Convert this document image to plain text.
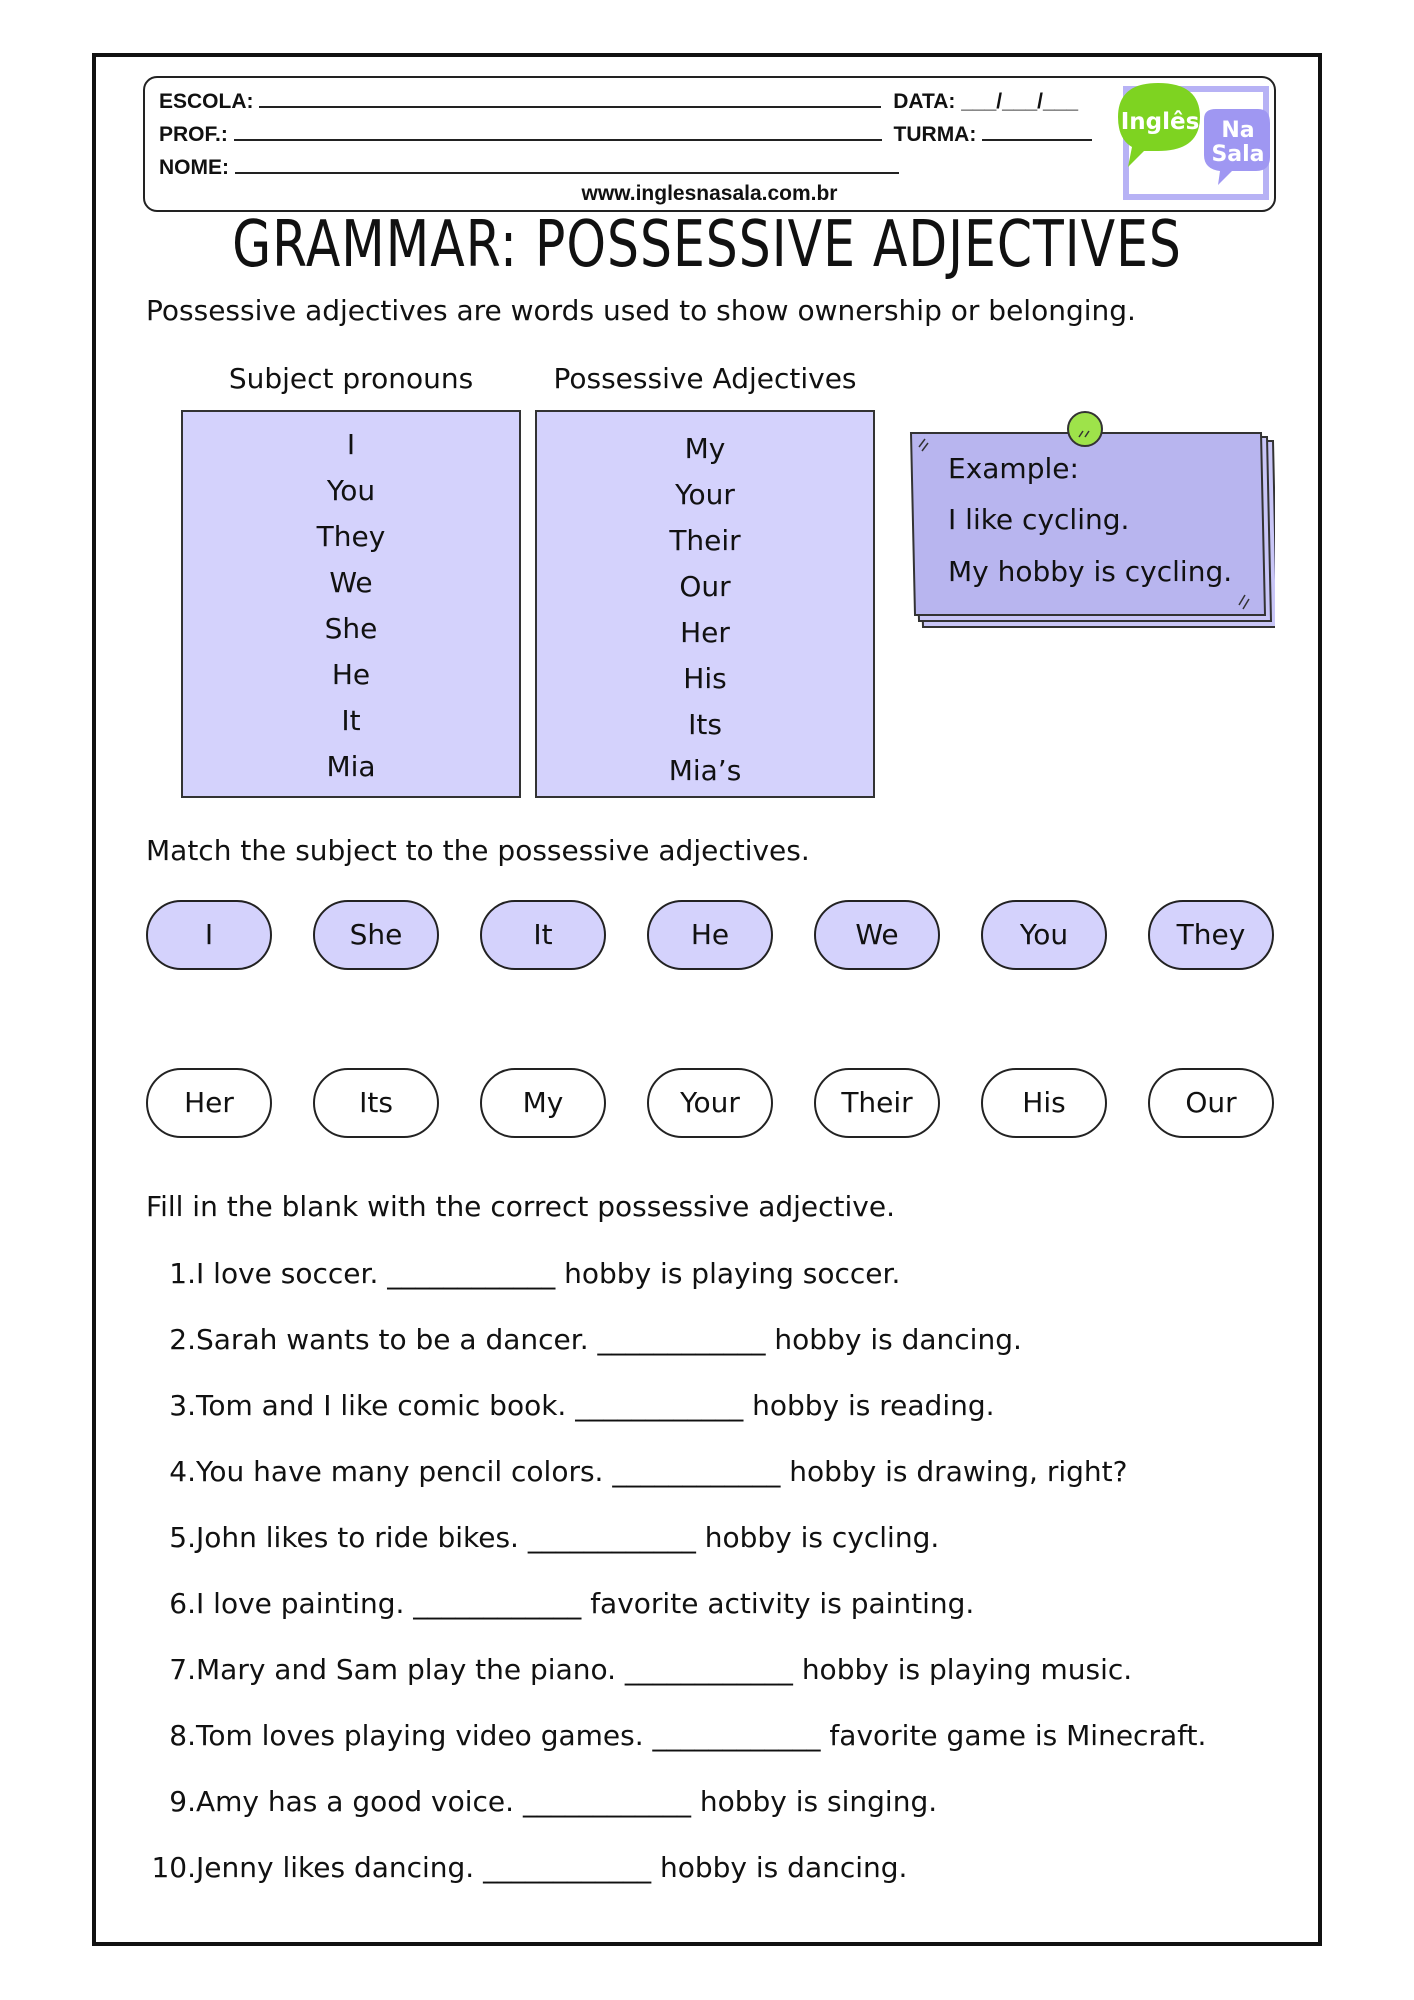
ESCOLA:	DATA: ___/___/___
PROF.:	TURMA:
NOME:
www.inglesnasala.com.br
Inglês Na
Sala
GRAMMAR: POSSESSIVE ADJECTIVES
Possessive adjectives are words used to show ownership or belonging.
Subject pronouns	Possessive Adjectives
I
You
They
We
She
He
It
Mia
My
Your
Their
Our
Her
His
Its
Mia’s
Example:
I like cycling.
My hobby is cycling.
Match the subject to the possessive adjectives.
I	She	It	He	We	You	They
Her	Its	My	Your	Their	His	Our
Fill in the blank with the correct possessive adjective.
1.I love soccer. ____________ hobby is playing soccer.
2.Sarah wants to be a dancer. ____________ hobby is dancing.
3.Tom and I like comic book. ____________ hobby is reading.
4.You have many pencil colors. ____________ hobby is drawing, right?
5.John likes to ride bikes. ____________ hobby is cycling.
6.I love painting. ____________ favorite activity is painting.
7.Mary and Sam play the piano. ____________ hobby is playing music.
8.Tom loves playing video games. ____________ favorite game is Minecraft.
9.Amy has a good voice. ____________ hobby is singing.
10.Jenny likes dancing. ____________ hobby is dancing.
